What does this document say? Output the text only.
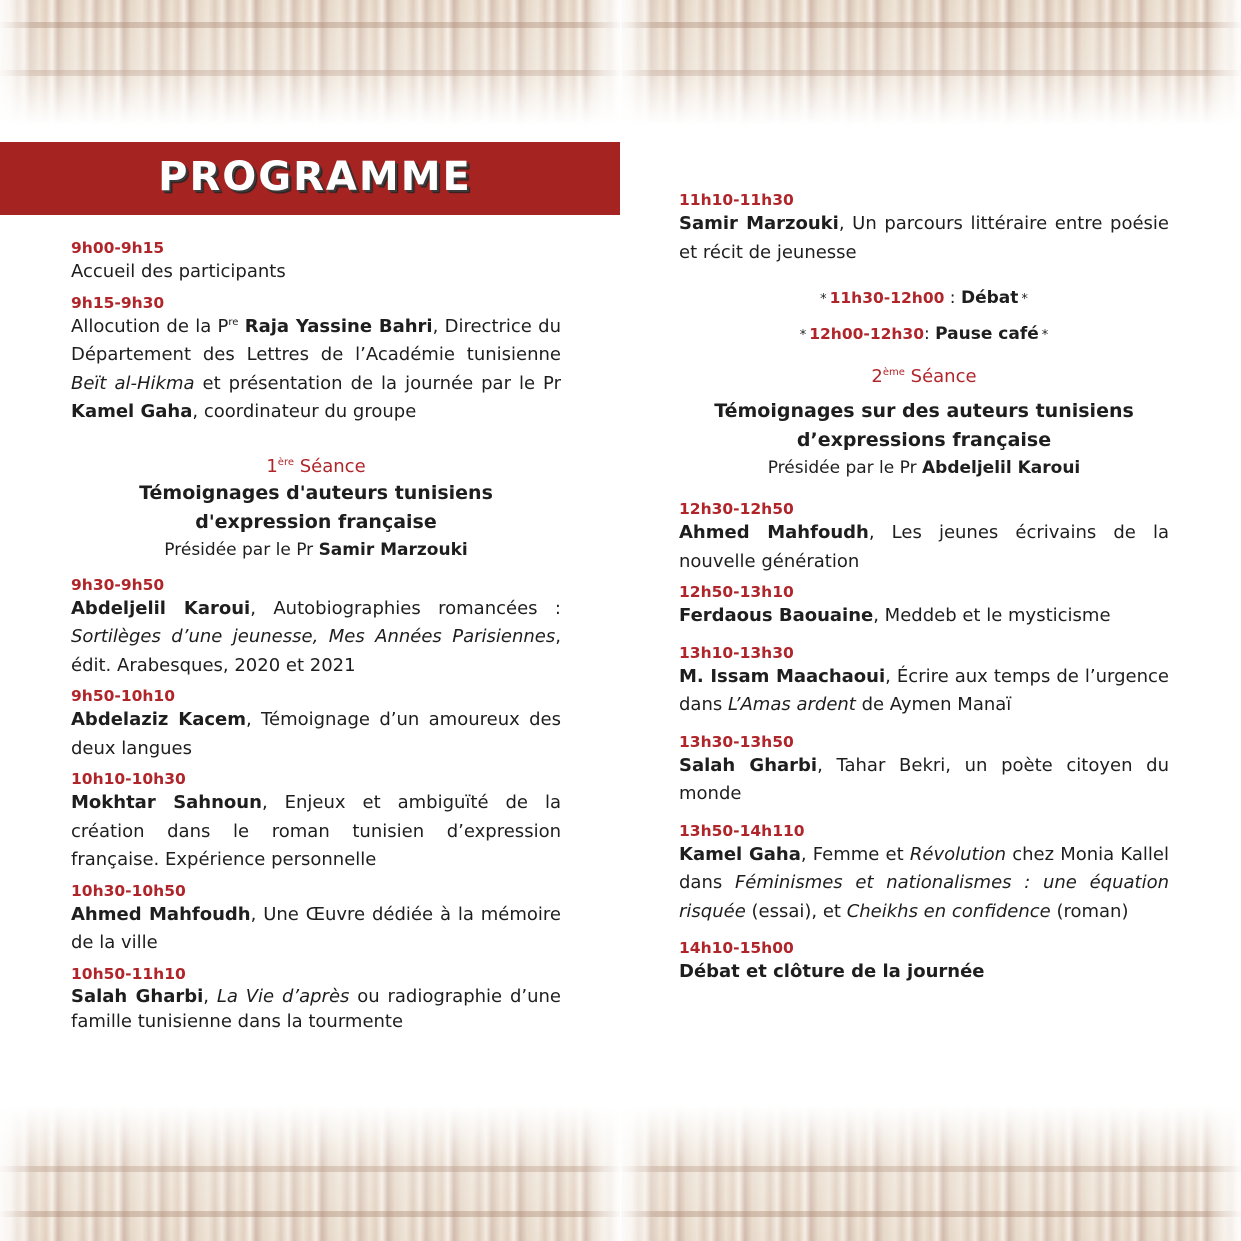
PROGRAMME
9h00-9h15
Accueil des participants
9h15-9h30
Allocution de la $P^{re}$ Raja Yassine Bahri, Directrice du Département des Lettres de l’Académie tunisienne Beït al-Hikma et présentation de la journée par le Pr Kamel Gaha, coordinateur du groupe
1ère Séance
Témoignages d'auteurs tunisiens
d'expression française
Présidée par le Pr Samir Marzouki
9h30-9h50
Abdeljelil Karoui, Autobiographies romancées : Sortilèges d’une jeunesse, Mes Années Parisiennes, édit. Arabesques, 2020 et 2021
9h50-10h10
Abdelaziz Kacem, Témoignage d’un amoureux des deux langues
10h10-10h30
Mokhtar Sahnoun, Enjeux et ambiguïté de la création dans le roman tunisien d’expression française. Expérience personnelle
10h30-10h50
Ahmed Mahfoudh, Une Œuvre dédiée à la mémoire de la ville
10h50-11h10
Salah Gharbi, La Vie d’après ou radiographie d’une famille tunisienne dans la tourmente
11h10-11h30
Samir Marzouki, Un parcours littéraire entre poésie et récit de jeunesse
* 11h30-12h00 : Débat *
* 12h00-12h30: Pause café *
2ème Séance
Témoignages sur des auteurs tunisiens
d’expressions française
Présidée par le Pr Abdeljelil Karoui
12h30-12h50
Ahmed Mahfoudh, Les jeunes écrivains de la nouvelle génération
12h50-13h10
Ferdaous Baouaine, Meddeb et le mysticisme
13h10-13h30
M. Issam Maachaoui, Écrire aux temps de l’urgence dans L’Amas ardent de Aymen Manaï
13h30-13h50
Salah Gharbi, Tahar Bekri, un poète citoyen du monde
13h50-14h110
Kamel Gaha, Femme et Révolution chez Monia Kallel dans Féminismes et nationalismes : une équation risquée (essai), et Cheikhs en confidence (roman)
14h10-15h00
Débat et clôture de la journée
